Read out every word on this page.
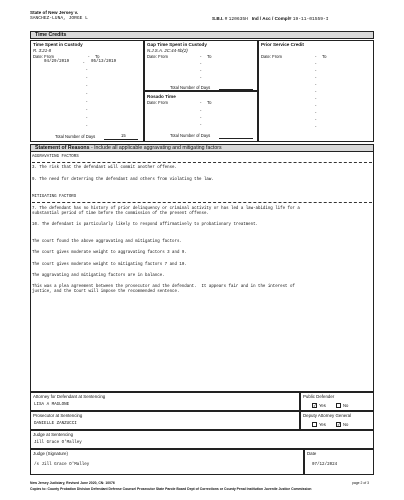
State of New Jersey v.
SANCHEZ-LUNA, JORGE L	S.B.I. # 120635H Ind / Acc / Compl# 19-11-01559-I
Time Credits
Time Spent in Custody
R. 3:21-8
Date: From	- To
04/29/2019	- 05/13/2019
-
-
-
-
-
-
-
-
Total Number of Days	15
Gap Time Spent in Custody
N.J.S.A. 2C:44-5b(2)
Date: From	- To
-
-
-
Total Number of Days
Rosado Time
Date: From	- To
-
-
-
Total Number of Days
Prior Service Credit
Date: From	- To
-
-
-
-
-
-
-
-
-
-
Statement of Reasons - Include all applicable aggravating and mitigating factors
AGGRAVATING FACTORS
3. The risk that the defendant will commit another offense.
9. The need for deterring the defendant and others from violating the law.
MITIGATING FACTORS
7. The defendant has no history of prior delinquency or criminal activity or has led a law-abiding life for a
substantial period of time before the commission of the present offense.
10. The defendant is particularly likely to respond affirmatively to probationary treatment.
The court found the above aggravating and mitigating factors.
The court gives moderate weight to aggravating factors 3 and 9.
The court gives moderate weight to mitigating factors 7 and 10.
The aggravating and mitigating factors are in balance.
This was a plea agreement between the prosecutor and the defendant.  It appears fair and in the interest of
justice, and the Court will impose the recommended sentence.
Attorney for Defendant at Sentencing
LISA A MAGLONE
Public Defender
✓ Yes	No
Prosecutor at Sentencing
DANIELLE ZANZUCCI
Deputy Attorney General
Yes ✓ No
Judge at Sentencing
Jill Grace O'Malley
Judge (Signature)
/s Jill Grace O'Malley
Date
07/12/2024
New Jersey Judiciary, Revised June 2020, CN: 10076	page 2 of 3
Copies to: County Probation Division Defendant Defense Counsel Prosecutor State Parole Board Dept of Corrections or County Penal Institution Juvenile Justice Commission
